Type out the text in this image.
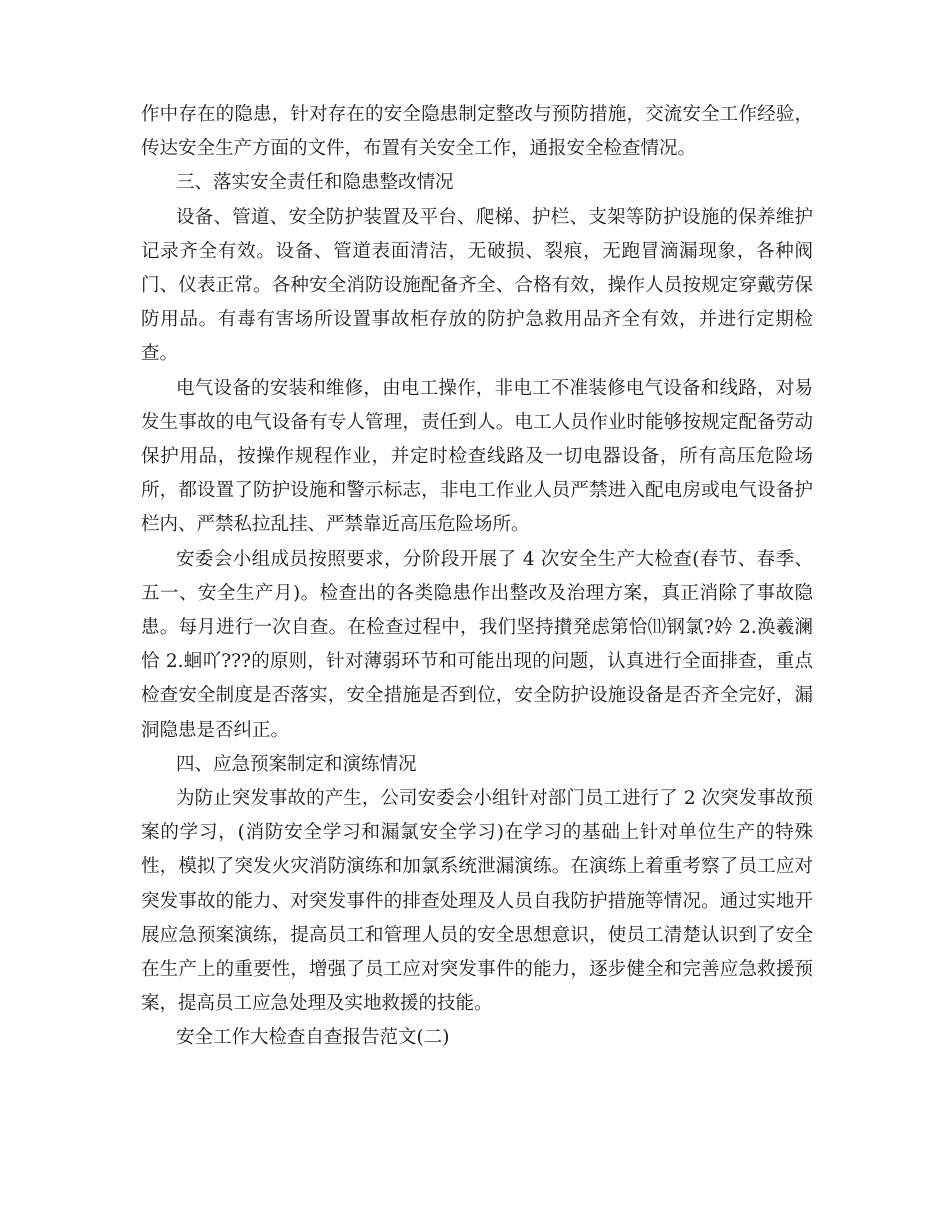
作中存在的隐患，针对存在的安全隐患制定整改与预防措施，交流安全工作经验，传达安全生产方面的文件，布置有关安全工作，通报安全检查情况。

三、落实安全责任和隐患整改情况

设备、管道、安全防护装置及平台、爬梯、护栏、支架等防护设施的保养维护记录齐全有效。设备、管道表面清洁，无破损、裂痕，无跑冒滴漏现象，各种阀门、仪表正常。各种安全消防设施配备齐全、合格有效，操作人员按规定穿戴劳保防用品。有毒有害场所设置事故柜存放的防护急救用品齐全有效，并进行定期检查。

电气设备的安装和维修，由电工操作，非电工不准装修电气设备和线路，对易发生事故的电气设备有专人管理，责任到人。电工人员作业时能够按规定配备劳动保护用品，按操作规程作业，并定时检查线路及一切电器设备，所有高压危险场所，都设置了防护设施和警示标志，非电工作业人员严禁进入配电房或电气设备护栏内、严禁私拉乱挂、严禁靠近高压危险场所。

安委会小组成员按照要求，分阶段开展了 4 次安全生产大检查(春节、春季、五一、安全生产月)。检查出的各类隐患作出整改及治理方案，真正消除了事故隐患。每月进行一次自查。在检查过程中，我们坚持攅発虑第恰⑾钢氯?妗 2.涣羲澜恰 2.蛔吖???的原则，针对薄弱环节和可能出现的问题，认真进行全面排查，重点检查安全制度是否落实，安全措施是否到位，安全防护设施设备是否齐全完好，漏洞隐患是否纠正。

四、应急预案制定和演练情况

为防止突发事故的产生，公司安委会小组针对部门员工进行了 2 次突发事故预案的学习，(消防安全学习和漏氯安全学习)在学习的基础上针对单位生产的特殊性，模拟了突发火灾消防演练和加氯系统泄漏演练。在演练上着重考察了员工应对突发事故的能力、对突发事件的排查处理及人员自我防护措施等情况。通过实地开展应急预案演练，提高员工和管理人员的安全思想意识，使员工清楚认识到了安全在生产上的重要性，增强了员工应对突发事件的能力，逐步健全和完善应急救援预案，提高员工应急处理及实地救援的技能。

安全工作大检查自查报告范文(二)
